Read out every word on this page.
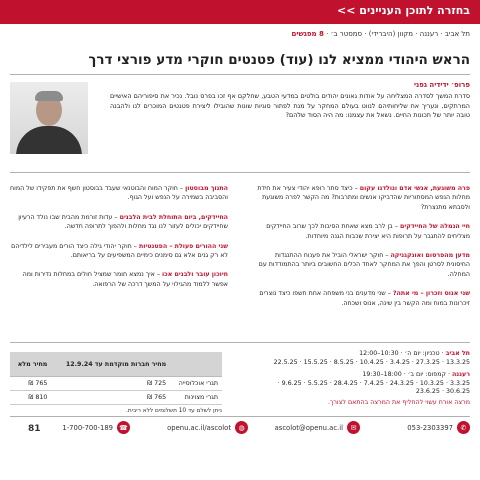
בחזרה לתוכן העניינים >>
תל אביב · רעננה · מקוון (היברידי) · סמסטר ב׳ · 8 מפגשים
הראש היהודי ממציא לנו (עוד) פטנטים חוקרי מדע פורצי דרך
פרופ׳ ידידיה גפני

סדרת המשך לסדרה המצליחה על אודות גאונים יהודים בולטים במדעי הטבע, שחלקם אף זכו בפרס נובל. נכיר את סיפוריהם האישיים המרתקים, ונעריך את שליחותיהם לנווט בעולם המחקר על מנת לפתור סוגיות שונות שהובילו ליצירת פטנטים המוכרים לנו ולהבנה טובה יותר של תכונות החיים. נשאל את עצמנו: מה היה הסוד שלהם?

פרה משוגעת, אנשי אדם ונולדנו עקום – כיצד סתר רופא יהודי צעיר את חידת מחלות הנפש המסתוריות שהדביקו אנשים ומתרבות? מה הקשר לפרה משוגעת ולסבתא מתנצרת?

חיי הנמלה של החיידקים – בן לרב מצא שאחת הסיבות לכך שרוב החיידקים מצליחים להתגבר על תרופות היא יצירת שכבות הגנה מיוחדות.

מדען מהפרסום ואונקגניקה – חוקר ישראלי הוביל את פענוח ההתנגדות החיסונית לסרטן והפך את המחקר לאחד הכלים החשובים ביותר בהתמודדות עם המחלה.

שני אנוס וזכרון – מי אתה? – שני מדענים בני משפחה אחת חשפו כיצד נוצרים זיכרונות במוח ומה הקשר בין שינה, אנוס ושכחה.

התנוך מבוסטון – חוקר המוח והבוטנאי שעבד בבוסטון חשף את תפקידו של המוח והסביבה בשמירה על הנפש ועל הגוף.

החיידקים, ביום התוחלת לבית הלבנים – עדות זורמת מהבית שבו נולד הרעיון שחיידקים יכולים לעזור לנו נגד מחלות ולהפוך לתרופה חדשה.

שני ההורים פעולת – הפטנטיות – חוקר יהודי גילה כיצד הורים מעבירים לילדיהם לא רק גנים אלא גם סימנים כימיים המשפיעים על בריאותם.

חיוכון עובר ולבנים אכו – איך נמצא חומר שמציל חולים במחלות נדירות ומה אפשר ללמוד מהגילוי על המשך דרכה של הרפואה.

תל אביב · טכניון: יום ה׳ · 10:30–12:00

13.3.25 · 27.3.25 · 3.4.25 · 10.4.25 · 8.5.25 · 15.5.25 · 22.5.25

רעננה · קמפוס: יום ב׳ · 18:00–19:30

3.3.25 · 10.3.25 · 24.3.25 · 7.4.25 · 28.4.25 · 5.5.25 · 9.6.25 · 30.6.25 · 23.6.25

מרצה אורח עשוי להחליף את המרצה בהתאם לצורך.

	מחיר חברות מוקדמת עד 12.9.24	מחיר מלא
תגרי אוכלוסייה	725 ₪	765 ₪
תגרי מצוינות	765 ₪	810 ₪
ניתן לשלם עד 10 תשלומים ללא ריבית.
053-2303397	✆
ascolot@openu.ac.il	✉
openu.ac.il/ascolot	◍
1-700-700-189 ☎
81
